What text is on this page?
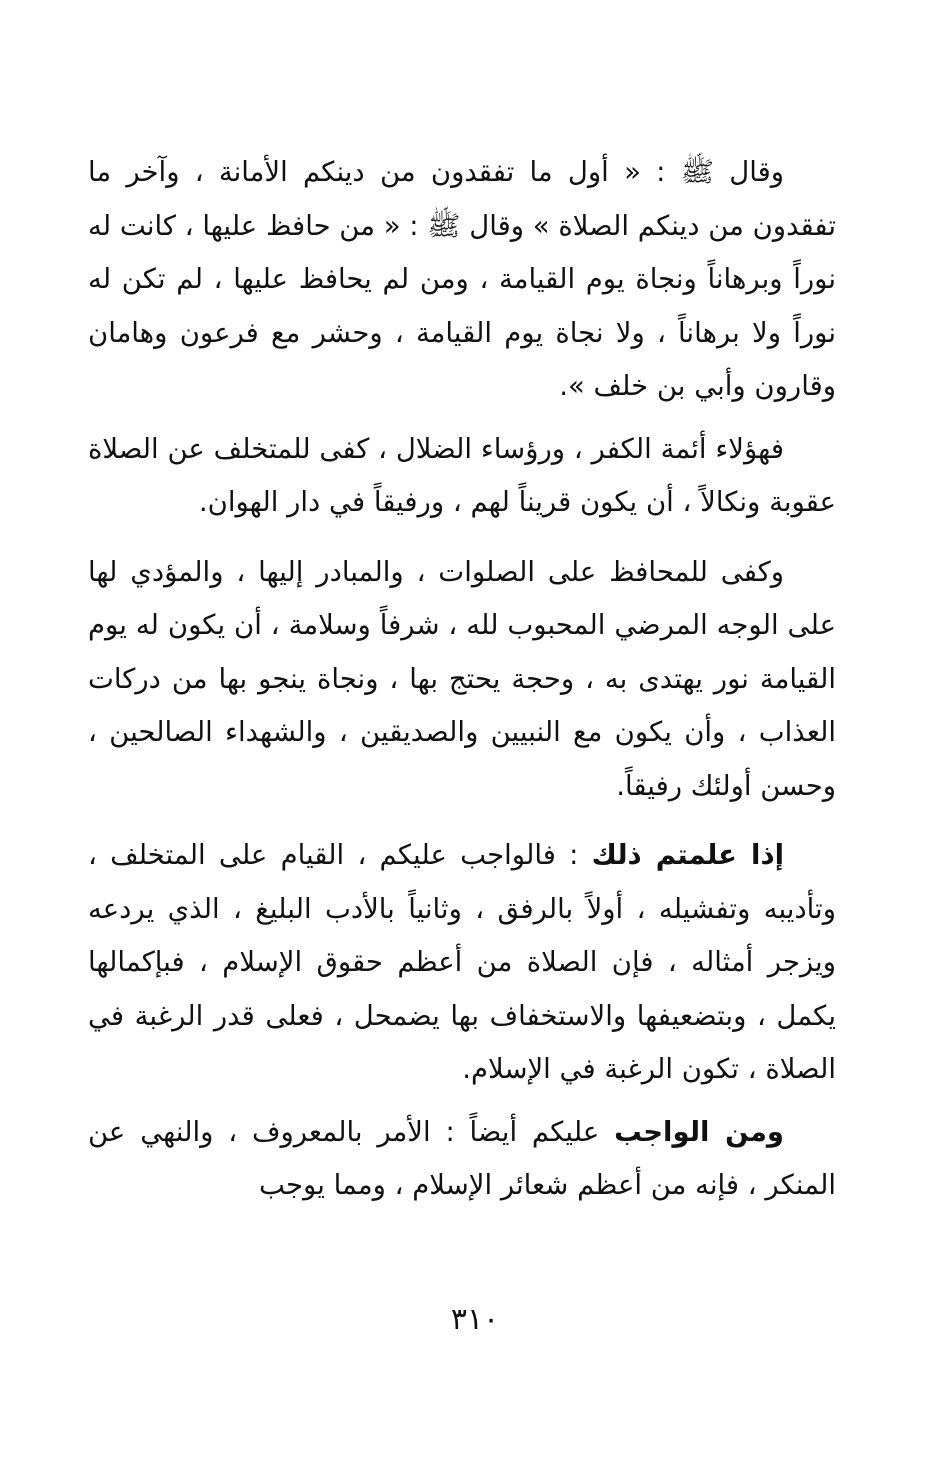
وقال ﷺ : « أول ما تفقدون من دينكم الأمانة ، وآخر ما تفقدون من دينكم الصلاة » وقال ﷺ : « من حافظ عليها ، كانت له نوراً وبرهاناً ونجاة يوم القيامة ، ومن لم يحافظ عليها ، لم تكن له نوراً ولا برهاناً ، ولا نجاة يوم القيامة ، وحشر مع فرعون وهامان وقارون وأبي بن خلف ».

فهؤلاء أئمة الكفر ، ورؤساء الضلال ، كفى للمتخلف عن الصلاة عقوبة ونكالاً ، أن يكون قريناً لهم ، ورفيقاً في دار الهوان.

وكفى للمحافظ على الصلوات ، والمبادر إليها ، والمؤدي لها على الوجه المرضي المحبوب لله ، شرفاً وسلامة ، أن يكون له يوم القيامة نور يهتدى به ، وحجة يحتج بها ، ونجاة ينجو بها من دركات العذاب ، وأن يكون مع النبيين والصديقين ، والشهداء الصالحين ، وحسن أولئك رفيقاً.

إذا علمتم ذلك : فالواجب عليكم ، القيام على المتخلف ، وتأديبه وتفشيله ، أولاً بالرفق ، وثانياً بالأدب البليغ ، الذي يردعه ويزجر أمثاله ، فإن الصلاة من أعظم حقوق الإسلام ، فبإكمالها يكمل ، وبتضعيفها والاستخفاف بها يضمحل ، فعلى قدر الرغبة في الصلاة ، تكون الرغبة في الإسلام.

ومن الواجب عليكم أيضاً : الأمر بالمعروف ، والنهي عن المنكر ، فإنه من أعظم شعائر الإسلام ، ومما يوجب

٣١٠
